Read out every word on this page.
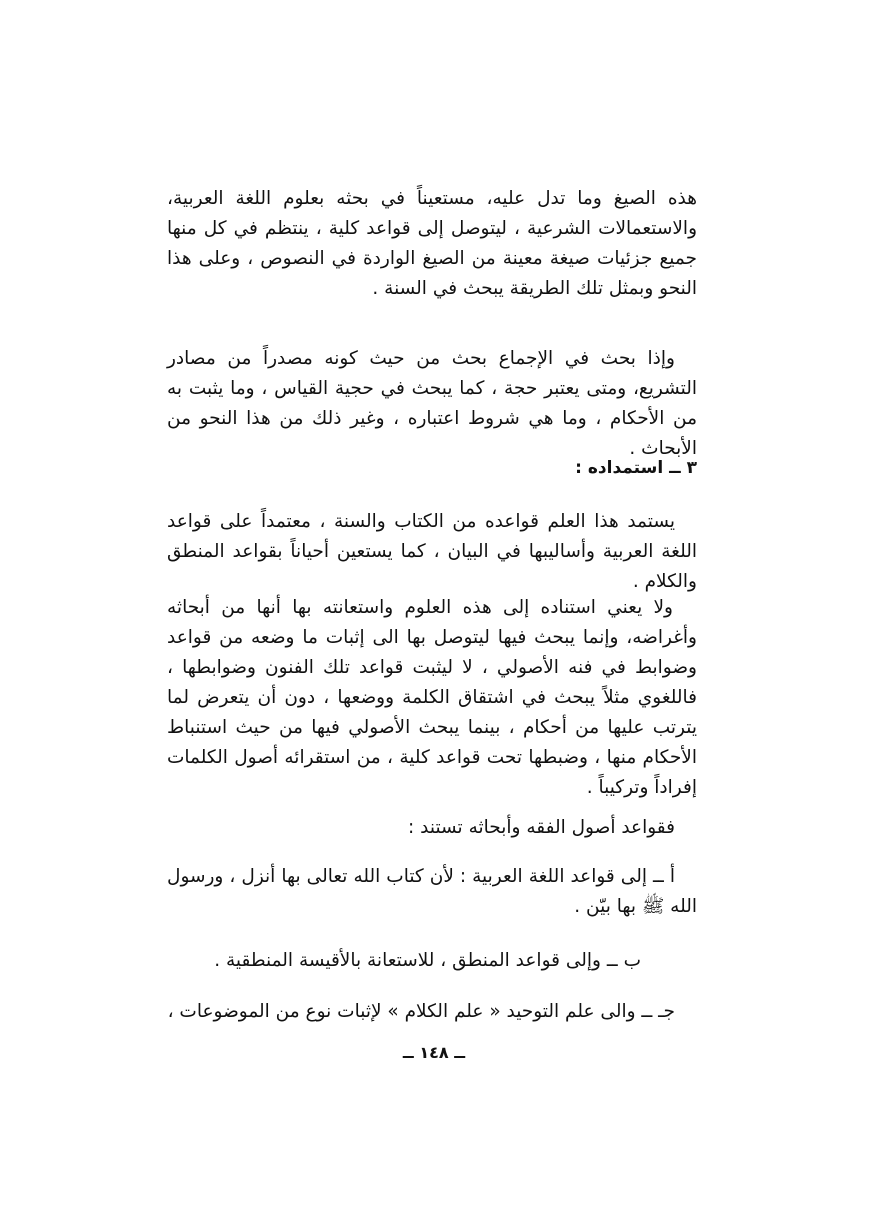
هذه الصيغ وما تدل عليه، مستعيناً في بحثه بعلوم اللغة العربية، والاستعمالات الشرعية ، ليتوصل إلى قواعد كلية ، ينتظم في كل منها جميع جزئيات صيغة معينة من الصيغ الواردة في النصوص ، وعلى هذا النحو وبمثل تلك الطريقة يبحث في السنة .
وإذا بحث في الإجماع بحث من حيث كونه مصدراً من مصادر التشريع، ومتى يعتبر حجة ، كما يبحث في حجية القياس ، وما يثبت به من الأحكام ، وما هي شروط اعتباره ، وغير ذلك من هذا النحو من الأبحاث .
٣ ــ استمداده :
يستمد هذا العلم قواعده من الكتاب والسنة ، معتمداً على قواعد اللغة العربية وأساليبها في البيان ، كما يستعين أحياناً بقواعد المنطق والكلام .
ولا يعني استناده إلى هذه العلوم واستعانته بها أنها من أبحاثه وأغراضه، وإنما يبحث فيها ليتوصل بها الى إثبات ما وضعه من قواعد وضوابط في فنه الأصولي ، لا ليثبت قواعد تلك الفنون وضوابطها ، فاللغوي مثلاً يبحث في اشتقاق الكلمة ووضعها ، دون أن يتعرض لما يترتب عليها من أحكام ، بينما يبحث الأصولي فيها من حيث استنباط الأحكام منها ، وضبطها تحت قواعد كلية ، من استقرائه أصول الكلمات إفراداً وتركيباً .
فقواعد أصول الفقه وأبحاثه تستند :
أ ــ إلى قواعد اللغة العربية : لأن كتاب الله تعالى بها أنزل ، ورسول الله ﷺ بها بيّن .
ب ــ وإلى قواعد المنطق ، للاستعانة بالأقيسة المنطقية .
جـ ــ والى علم التوحيد « علم الكلام » لإثبات نوع من الموضوعات ،
ــ ١٤٨ ــ
